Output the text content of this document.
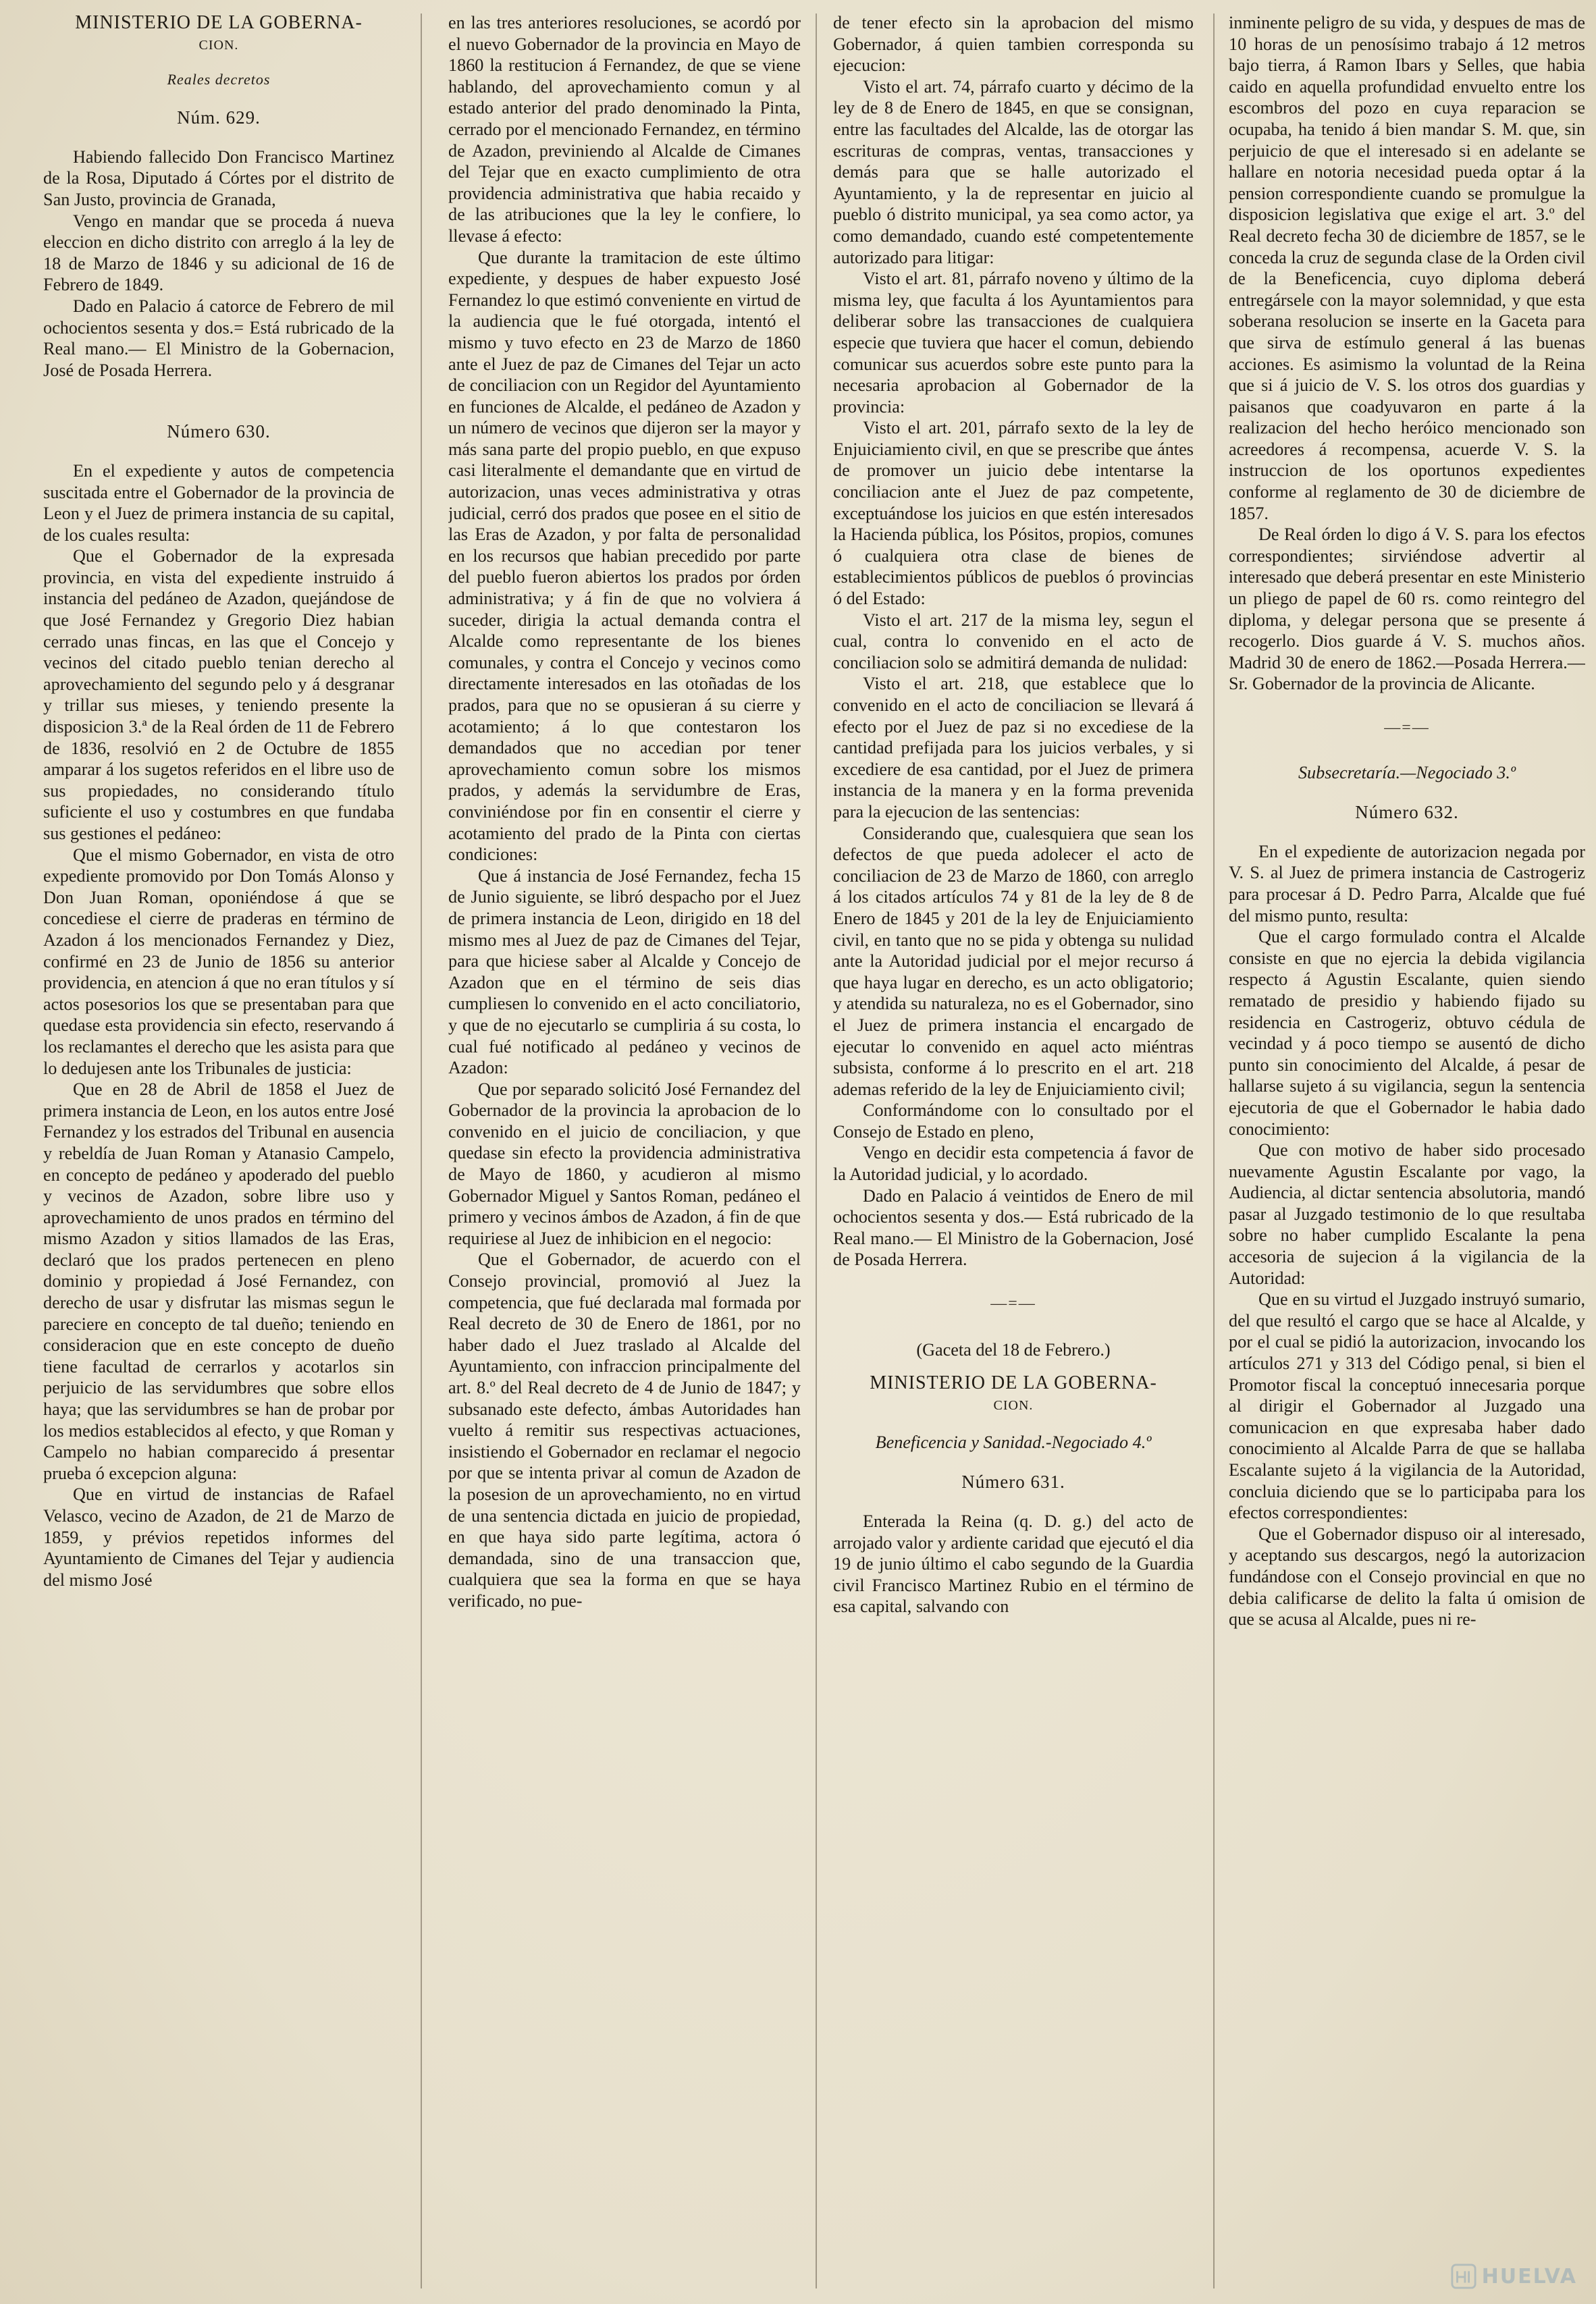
MINISTERIO DE LA GOBERNA-

CION.

Reales decretos

Núm. 629.

Habiendo fallecido Don Francisco Martinez de la Rosa, Diputado á Córtes por el distrito de San Justo, provincia de Granada,

Vengo en mandar que se proceda á nueva eleccion en dicho distrito con arreglo á la ley de 18 de Marzo de 1846 y su adicional de 16 de Febrero de 1849.

Dado en Palacio á catorce de Febrero de mil ochocientos sesenta y dos.= Está rubricado de la Real mano.— El Ministro de la Gobernacion, José de Posada Herrera.

Número 630.

En el expediente y autos de competencia suscitada entre el Gobernador de la provincia de Leon y el Juez de primera instancia de su capital, de los cuales resulta:

Que el Gobernador de la expresada provincia, en vista del expediente instruido á instancia del pedáneo de Azadon, quejándose de que José Fernandez y Gregorio Diez habian cerrado unas fincas, en las que el Concejo y vecinos del citado pueblo tenian derecho al aprovechamiento del segundo pelo y á desgranar y trillar sus mieses, y teniendo presente la disposicion 3.ª de la Real órden de 11 de Febrero de 1836, resolvió en 2 de Octubre de 1855 amparar á los sugetos referidos en el libre uso de sus propiedades, no considerando título suficiente el uso y costumbres en que fundaba sus gestiones el pedáneo:

Que el mismo Gobernador, en vista de otro expediente promovido por Don Tomás Alonso y Don Juan Roman, oponiéndose á que se concediese el cierre de praderas en término de Azadon á los mencionados Fernandez y Diez, confirmé en 23 de Junio de 1856 su anterior providencia, en atencion á que no eran títulos y sí actos posesorios los que se presentaban para que quedase esta providencia sin efecto, reservando á los reclamantes el derecho que les asista para que lo dedujesen ante los Tribunales de justicia:

Que en 28 de Abril de 1858 el Juez de primera instancia de Leon, en los autos entre José Fernandez y los estrados del Tribunal en ausencia y rebeldía de Juan Roman y Atanasio Campelo, en concepto de pedáneo y apoderado del pueblo y vecinos de Azadon, sobre libre uso y aprovechamiento de unos prados en término del mismo Azadon y sitios llamados de las Eras, declaró que los prados pertenecen en pleno dominio y propiedad á José Fernandez, con derecho de usar y disfrutar las mismas segun le pareciere en concepto de tal dueño; teniendo en consideracion que en este concepto de dueño tiene facultad de cerrarlos y acotarlos sin perjuicio de las servidumbres que sobre ellos haya; que las servidumbres se han de probar por los medios establecidos al efecto, y que Roman y Campelo no habian comparecido á presentar prueba ó excepcion alguna:

Que en virtud de instancias de Rafael Velasco, vecino de Azadon, de 21 de Marzo de 1859, y prévios repetidos informes del Ayuntamiento de Cimanes del Tejar y audiencia del mismo José

en las tres anteriores resoluciones, se acordó por el nuevo Gobernador de la provincia en Mayo de 1860 la restitucion á Fernandez, de que se viene hablando, del aprovechamiento comun y al estado anterior del prado denominado la Pinta, cerrado por el mencionado Fernandez, en término de Azadon, previniendo al Alcalde de Cimanes del Tejar que en exacto cumplimiento de otra providencia administrativa que habia recaido y de las atribuciones que la ley le confiere, lo llevase á efecto:

Que durante la tramitacion de este último expediente, y despues de haber expuesto José Fernandez lo que estimó conveniente en virtud de la audiencia que le fué otorgada, intentó el mismo y tuvo efecto en 23 de Marzo de 1860 ante el Juez de paz de Cimanes del Tejar un acto de conciliacion con un Regidor del Ayuntamiento en funciones de Alcalde, el pedáneo de Azadon y un número de vecinos que dijeron ser la mayor y más sana parte del propio pueblo, en que expuso casi literalmente el demandante que en virtud de autorizacion, unas veces administrativa y otras judicial, cerró dos prados que posee en el sitio de las Eras de Azadon, y por falta de personalidad en los recursos que habian precedido por parte del pueblo fueron abiertos los prados por órden administrativa; y á fin de que no volviera á suceder, dirigia la actual demanda contra el Alcalde como representante de los bienes comunales, y contra el Concejo y vecinos como directamente interesados en las otoñadas de los prados, para que no se opusieran á su cierre y acotamiento; á lo que contestaron los demandados que no accedian por tener aprovechamiento comun sobre los mismos prados, y además la servidumbre de Eras, conviniéndose por fin en consentir el cierre y acotamiento del prado de la Pinta con ciertas condiciones:

Que á instancia de José Fernandez, fecha 15 de Junio siguiente, se libró despacho por el Juez de primera instancia de Leon, dirigido en 18 del mismo mes al Juez de paz de Cimanes del Tejar, para que hiciese saber al Alcalde y Concejo de Azadon que en el término de seis dias cumpliesen lo convenido en el acto conciliatorio, y que de no ejecutarlo se cumpliria á su costa, lo cual fué notificado al pedáneo y vecinos de Azadon:

Que por separado solicitó José Fernandez del Gobernador de la provincia la aprobacion de lo convenido en el juicio de conciliacion, y que quedase sin efecto la providencia administrativa de Mayo de 1860, y acudieron al mismo Gobernador Miguel y Santos Roman, pedáneo el primero y vecinos ámbos de Azadon, á fin de que requiriese al Juez de inhibicion en el negocio:

Que el Gobernador, de acuerdo con el Consejo provincial, promovió al Juez la competencia, que fué declarada mal formada por Real decreto de 30 de Enero de 1861, por no haber dado el Juez traslado al Alcalde del Ayuntamiento, con infraccion principalmente del art. 8.º del Real decreto de 4 de Junio de 1847; y subsanado este defecto, ámbas Autoridades han vuelto á remitir sus respectivas actuaciones, insistiendo el Gobernador en reclamar el negocio por que se intenta privar al comun de Azadon de la posesion de un aprovechamiento, no en virtud de una sentencia dictada en juicio de propiedad, en que haya sido parte legítima, actora ó demandada, sino de una transaccion que, cualquiera que sea la forma en que se haya verificado, no pue-

de tener efecto sin la aprobacion del mismo Gobernador, á quien tambien corresponda su ejecucion:

Visto el art. 74, párrafo cuarto y décimo de la ley de 8 de Enero de 1845, en que se consignan, entre las facultades del Alcalde, las de otorgar las escrituras de compras, ventas, transacciones y demás para que se halle autorizado el Ayuntamiento, y la de representar en juicio al pueblo ó distrito municipal, ya sea como actor, ya como demandado, cuando esté competentemente autorizado para litigar:

Visto el art. 81, párrafo noveno y último de la misma ley, que faculta á los Ayuntamientos para deliberar sobre las transacciones de cualquiera especie que tuviera que hacer el comun, debiendo comunicar sus acuerdos sobre este punto para la necesaria aprobacion al Gobernador de la provincia:

Visto el art. 201, párrafo sexto de la ley de Enjuiciamiento civil, en que se prescribe que ántes de promover un juicio debe intentarse la conciliacion ante el Juez de paz competente, exceptuándose los juicios en que estén interesados la Hacienda pública, los Pósitos, propios, comunes ó cualquiera otra clase de bienes de establecimientos públicos de pueblos ó provincias ó del Estado:

Visto el art. 217 de la misma ley, segun el cual, contra lo convenido en el acto de conciliacion solo se admitirá demanda de nulidad:

Visto el art. 218, que establece que lo convenido en el acto de conciliacion se llevará á efecto por el Juez de paz si no excediese de la cantidad prefijada para los juicios verbales, y si excediere de esa cantidad, por el Juez de primera instancia de la manera y en la forma prevenida para la ejecucion de las sentencias:

Considerando que, cualesquiera que sean los defectos de que pueda adolecer el acto de conciliacion de 23 de Marzo de 1860, con arreglo á los citados artículos 74 y 81 de la ley de 8 de Enero de 1845 y 201 de la ley de Enjuiciamiento civil, en tanto que no se pida y obtenga su nulidad ante la Autoridad judicial por el mejor recurso á que haya lugar en derecho, es un acto obligatorio; y atendida su naturaleza, no es el Gobernador, sino el Juez de primera instancia el encargado de ejecutar lo convenido en aquel acto miéntras subsista, conforme á lo prescrito en el art. 218 ademas referido de la ley de Enjuiciamiento civil;

Conformándome con lo consultado por el Consejo de Estado en pleno,

Vengo en decidir esta competencia á favor de la Autoridad judicial, y lo acordado.

Dado en Palacio á veintidos de Enero de mil ochocientos sesenta y dos.— Está rubricado de la Real mano.— El Ministro de la Gobernacion, José de Posada Herrera.

—=—

(Gaceta del 18 de Febrero.)

MINISTERIO DE LA GOBERNA-

CION.

Beneficencia y Sanidad.-Negociado 4.º

Número 631.

Enterada la Reina (q. D. g.) del acto de arrojado valor y ardiente caridad que ejecutó el dia 19 de junio último el cabo segundo de la Guardia civil Francisco Martinez Rubio en el término de esa capital, salvando con

inminente peligro de su vida, y despues de mas de 10 horas de un penosísimo trabajo á 12 metros bajo tierra, á Ramon Ibars y Selles, que habia caido en aquella profundidad envuelto entre los escombros del pozo en cuya reparacion se ocupaba, ha tenido á bien mandar S. M. que, sin perjuicio de que el interesado si en adelante se hallare en notoria necesidad pueda optar á la pension correspondiente cuando se promulgue la disposicion legislativa que exige el art. 3.º del Real decreto fecha 30 de diciembre de 1857, se le conceda la cruz de segunda clase de la Orden civil de la Beneficencia, cuyo diploma deberá entregársele con la mayor solemnidad, y que esta soberana resolucion se inserte en la Gaceta para que sirva de estímulo general á las buenas acciones. Es asimismo la voluntad de la Reina que si á juicio de V. S. los otros dos guardias y paisanos que coadyuvaron en parte á la realizacion del hecho heróico mencionado son acreedores á recompensa, acuerde V. S. la instruccion de los oportunos expedientes conforme al reglamento de 30 de diciembre de 1857.

De Real órden lo digo á V. S. para los efectos correspondientes; sirviéndose advertir al interesado que deberá presentar en este Ministerio un pliego de papel de 60 rs. como reintegro del diploma, y delegar persona que se presente á recogerlo. Dios guarde á V. S. muchos años. Madrid 30 de enero de 1862.—Posada Herrera.—Sr. Gobernador de la provincia de Alicante.

—=—

Subsecretaría.—Negociado 3.º

Número 632.

En el expediente de autorizacion negada por V. S. al Juez de primera instancia de Castrogeriz para procesar á D. Pedro Parra, Alcalde que fué del mismo punto, resulta:

Que el cargo formulado contra el Alcalde consiste en que no ejercia la debida vigilancia respecto á Agustin Escalante, quien siendo rematado de presidio y habiendo fijado su residencia en Castrogeriz, obtuvo cédula de vecindad y á poco tiempo se ausentó de dicho punto sin conocimiento del Alcalde, á pesar de hallarse sujeto á su vigilancia, segun la sentencia ejecutoria de que el Gobernador le habia dado conocimiento:

Que con motivo de haber sido procesado nuevamente Agustin Escalante por vago, la Audiencia, al dictar sentencia absolutoria, mandó pasar al Juzgado testimonio de lo que resultaba sobre no haber cumplido Escalante la pena accesoria de sujecion á la vigilancia de la Autoridad:

Que en su virtud el Juzgado instruyó sumario, del que resultó el cargo que se hace al Alcalde, y por el cual se pidió la autorizacion, invocando los artículos 271 y 313 del Código penal, si bien el Promotor fiscal la conceptuó innecesaria porque al dirigir el Gobernador al Juzgado una comunicacion en que expresaba haber dado conocimiento al Alcalde Parra de que se hallaba Escalante sujeto á la vigilancia de la Autoridad, concluia diciendo que se lo participaba para los efectos correspondientes:

Que el Gobernador dispuso oir al interesado, y aceptando sus descargos, negó la autorizacion fundándose con el Consejo provincial en que no debia calificarse de delito la falta ú omision de que se acusa al Alcalde, pues ni re-

HUELVA
